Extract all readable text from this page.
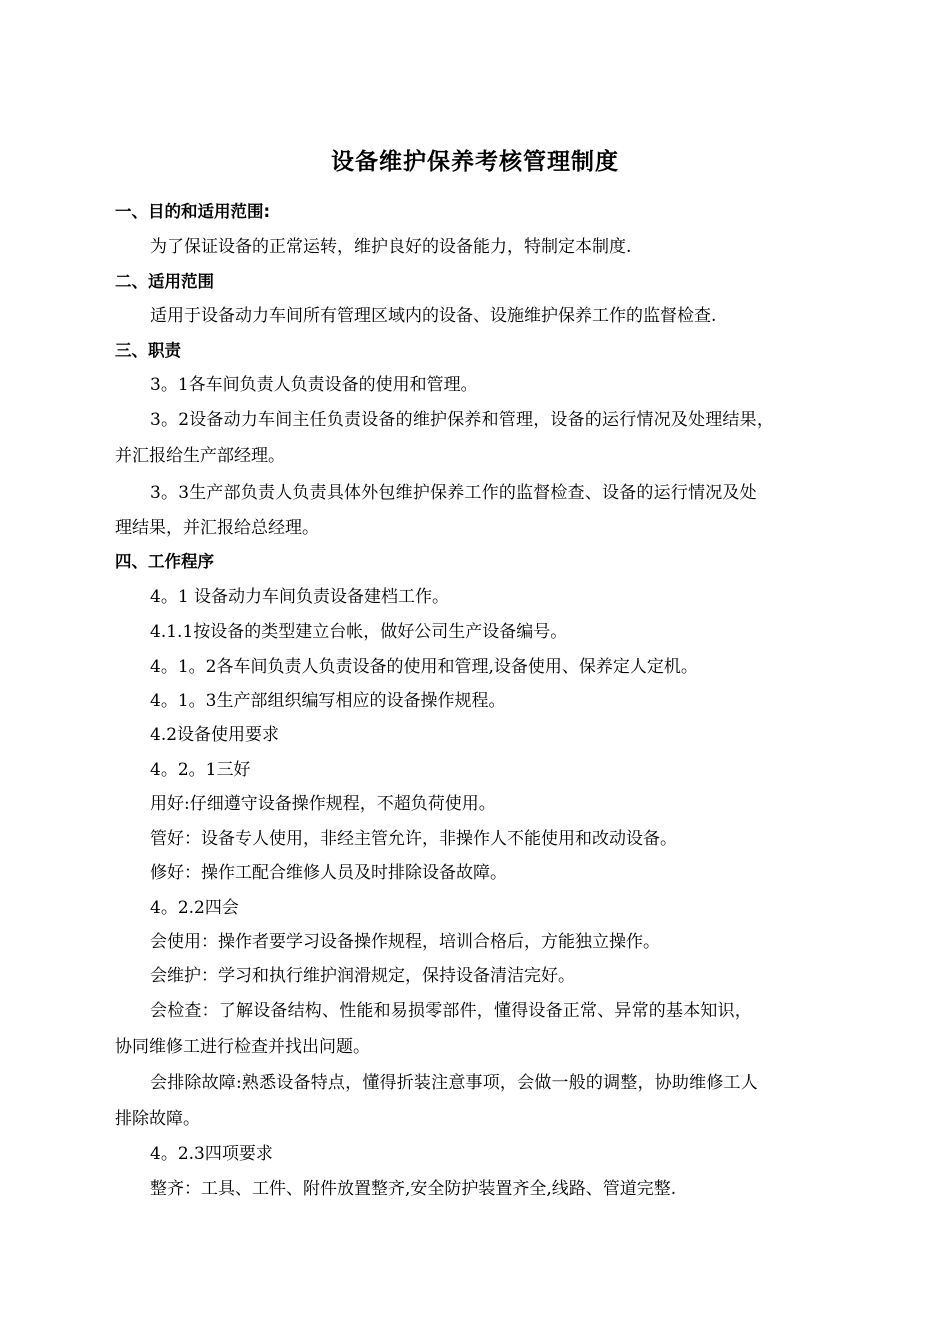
设备维护保养考核管理制度
一、目的和适用范围:
为了保证设备的正常运转，维护良好的设备能力，特制定本制度.
二、适用范围
适用于设备动力车间所有管理区域内的设备、设施维护保养工作的监督检查.
三、职责
3。1各车间负责人负责设备的使用和管理。
3。2设备动力车间主任负责设备的维护保养和管理，设备的运行情况及处理结果，
并汇报给生产部经理。
3。3生产部负责人负责具体外包维护保养工作的监督检查、设备的运行情况及处
理结果，并汇报给总经理。
四、工作程序
4。1 设备动力车间负责设备建档工作。
4.1.1按设备的类型建立台帐，做好公司生产设备编号。
4。1。2各车间负责人负责设备的使用和管理,设备使用、保养定人定机。
4。1。3生产部组织编写相应的设备操作规程。
4.2设备使用要求
4。2。1三好
用好:仔细遵守设备操作规程，不超负荷使用。
管好：设备专人使用，非经主管允许，非操作人不能使用和改动设备。
修好：操作工配合维修人员及时排除设备故障。
4。2.2四会
会使用：操作者要学习设备操作规程，培训合格后，方能独立操作。
会维护：学习和执行维护润滑规定，保持设备清洁完好。
会检查：了解设备结构、性能和易损零部件，懂得设备正常、异常的基本知识，
协同维修工进行检查并找出问题。
会排除故障:熟悉设备特点，懂得折装注意事项，会做一般的调整，协助维修工人
排除故障。
4。2.3四项要求
整齐：工具、工件、附件放置整齐,安全防护装置齐全,线路、管道完整.
